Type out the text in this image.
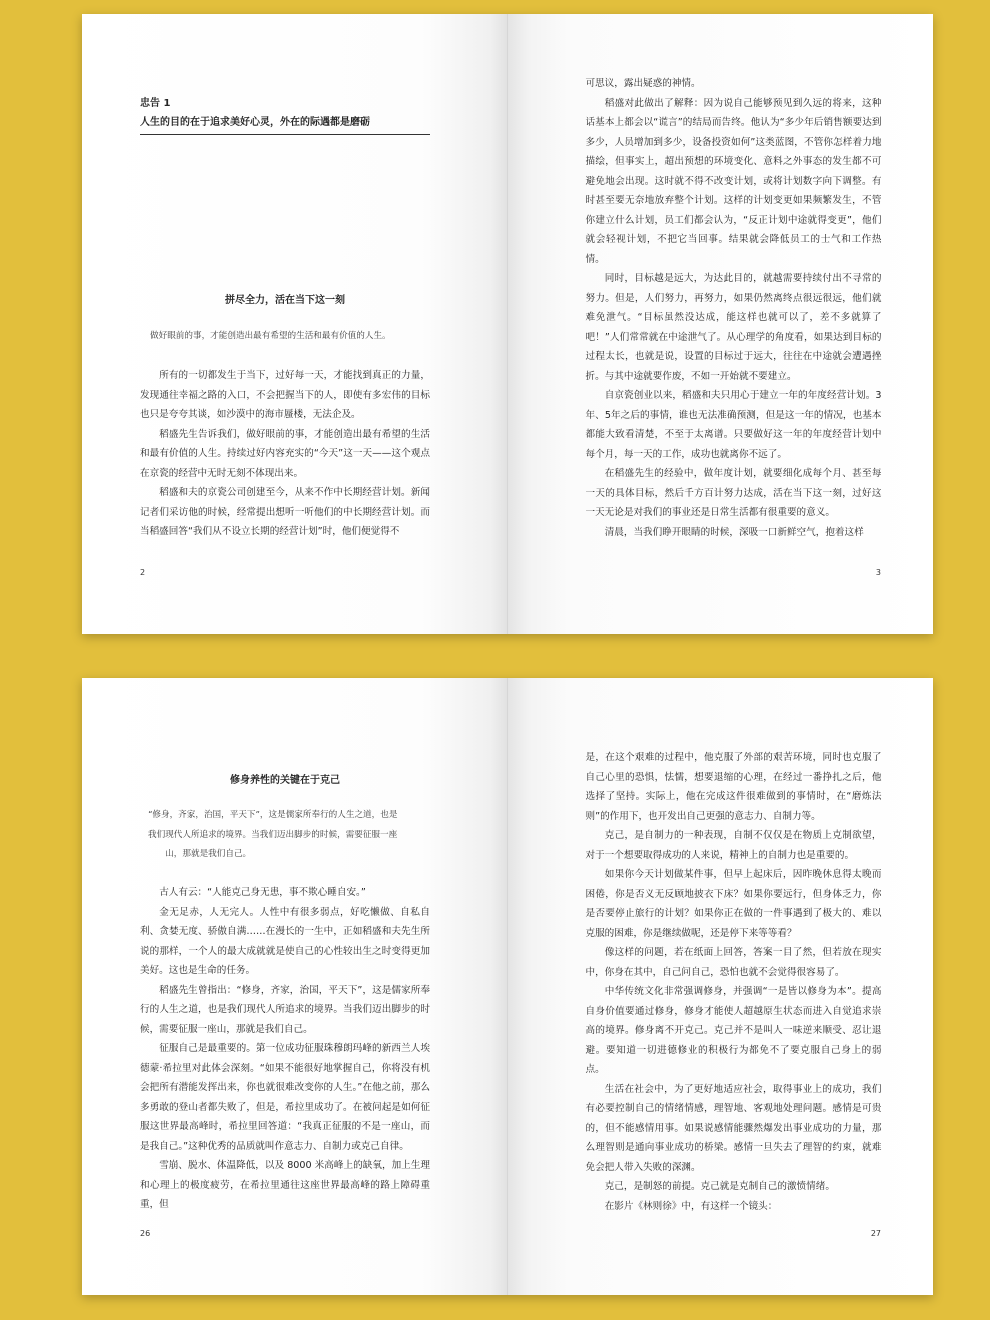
忠告 1

人生的目的在于追求美好心灵，外在的际遇都是磨砺

拼尽全力，活在当下这一刻

做好眼前的事，才能创造出最有希望的生活和最有价值的人生。

所有的一切都发生于当下，过好每一天，才能找到真正的力量，发现通往幸福之路的入口，不会把握当下的人，即使有多宏伟的目标也只是夸夸其谈，如沙漠中的海市蜃楼，无法企及。

稻盛先生告诉我们，做好眼前的事，才能创造出最有希望的生活和最有价值的人生。持续过好内容充实的“今天”这一天——这个观点在京瓷的经营中无时无刻不体现出来。

稻盛和夫的京瓷公司创建至今，从来不作中长期经营计划。新闻记者们采访他的时候，经常提出想听一听他们的中长期经营计划。而当稻盛回答“我们从不设立长期的经营计划”时，他们便觉得不

2

可思议，露出疑惑的神情。

稻盛对此做出了解释：因为说自己能够预见到久远的将来，这种话基本上都会以“谎言”的结局而告终。他认为“多少年后销售额要达到多少，人员增加到多少，设备投资如何”这类蓝图，不管你怎样着力地描绘，但事实上，超出预想的环境变化、意料之外事态的发生都不可避免地会出现。这时就不得不改变计划，或将计划数字向下调整。有时甚至要无奈地放弃整个计划。这样的计划变更如果频繁发生，不管你建立什么计划，员工们都会认为，“反正计划中途就得变更”，他们就会轻视计划，不把它当回事。结果就会降低员工的士气和工作热情。

同时，目标越是远大，为达此目的，就越需要持续付出不寻常的努力。但是，人们努力，再努力，如果仍然离终点很远很远，他们就难免泄气。“目标虽然没达成，能这样也就可以了，差不多就算了吧！”人们常常就在中途泄气了。从心理学的角度看，如果达到目标的过程太长，也就是说，设置的目标过于远大，往往在中途就会遭遇挫折。与其中途就要作废，不如一开始就不要建立。

自京瓷创业以来，稻盛和夫只用心于建立一年的年度经营计划。3年、5年之后的事情，谁也无法准确预测，但是这一年的情况，也基本都能大致看清楚，不至于太离谱。只要做好这一年的年度经营计划中每个月，每一天的工作，成功也就离你不远了。

在稻盛先生的经验中，做年度计划，就要细化成每个月、甚至每一天的具体目标，然后千方百计努力达成，活在当下这一刻，过好这一天无论是对我们的事业还是日常生活都有很重要的意义。

清晨，当我们睁开眼睛的时候，深吸一口新鲜空气，抱着这样

3

修身养性的关键在于克己

“修身，齐家，治国，平天下”，这是儒家所奉行的人生之道，也是

我们现代人所追求的境界。当我们迈出脚步的时候，需要征服一座

山，那就是我们自己。

古人有云：“人能克己身无患，事不欺心睡自安。”

金无足赤，人无完人。人性中有很多弱点，好吃懒做、自私自利、贪婪无度、骄傲自满……在漫长的一生中，正如稻盛和夫先生所说的那样，一个人的最大成就就是使自己的心性较出生之时变得更加美好。这也是生命的任务。

稻盛先生曾指出：“修身，齐家，治国，平天下”，这是儒家所奉行的人生之道，也是我们现代人所追求的境界。当我们迈出脚步的时候，需要征服一座山，那就是我们自己。

征服自己是最重要的。第一位成功征服珠穆朗玛峰的新西兰人埃德蒙·希拉里对此体会深刻。“如果不能很好地掌握自己，你将没有机会把所有潜能发挥出来，你也就很难改变你的人生。”在他之前，那么多勇敢的登山者都失败了，但是，希拉里成功了。在被问起是如何征服这世界最高峰时，希拉里回答道：“我真正征服的不是一座山，而是我自己。”这种优秀的品质就叫作意志力、自制力或克己自律。

雪崩、脱水、体温降低，以及 8000 米高峰上的缺氧，加上生理和心理上的极度疲劳，在希拉里通往这座世界最高峰的路上障碍重重，但

26

是，在这个艰难的过程中，他克服了外部的艰苦环境，同时也克服了自己心里的恐惧，怯懦，想要退缩的心理，在经过一番挣扎之后，他选择了坚持。实际上，他在完成这件很难做到的事情时，在“磨炼法则”的作用下，也开发出自己更强的意志力、自制力等。

克己，是自制力的一种表现，自制不仅仅是在物质上克制欲望，对于一个想要取得成功的人来说，精神上的自制力也是重要的。

如果你今天计划做某件事，但早上起床后，因昨晚休息得太晚而困倦，你是否义无反顾地披衣下床？如果你要远行，但身体乏力，你是否要停止旅行的计划？如果你正在做的一件事遇到了极大的、难以克服的困难，你是继续做呢，还是停下来等等看？

像这样的问题，若在纸面上回答，答案一目了然，但若放在现实中，你身在其中，自己问自己，恐怕也就不会觉得很容易了。

中华传统文化非常强调修身，并强调“一是皆以修身为本”。提高自身价值要通过修身，修身才能使人超越原生状态而进入自觉追求崇高的境界。修身离不开克己。克己并不是叫人一味逆来顺受、忍让退避。要知道一切进德修业的积极行为都免不了要克服自己身上的弱点。

生活在社会中，为了更好地适应社会，取得事业上的成功，我们有必要控制自己的情绪情感，理智地、客观地处理问题。感情是可贵的，但不能感情用事。如果说感情能骤然爆发出事业成功的力量，那么理智则是通向事业成功的桥梁。感情一旦失去了理智的约束，就难免会把人带入失败的深渊。

克己，是制怒的前提。克己就是克制自己的激愤情绪。

在影片《林则徐》中，有这样一个镜头：

27
